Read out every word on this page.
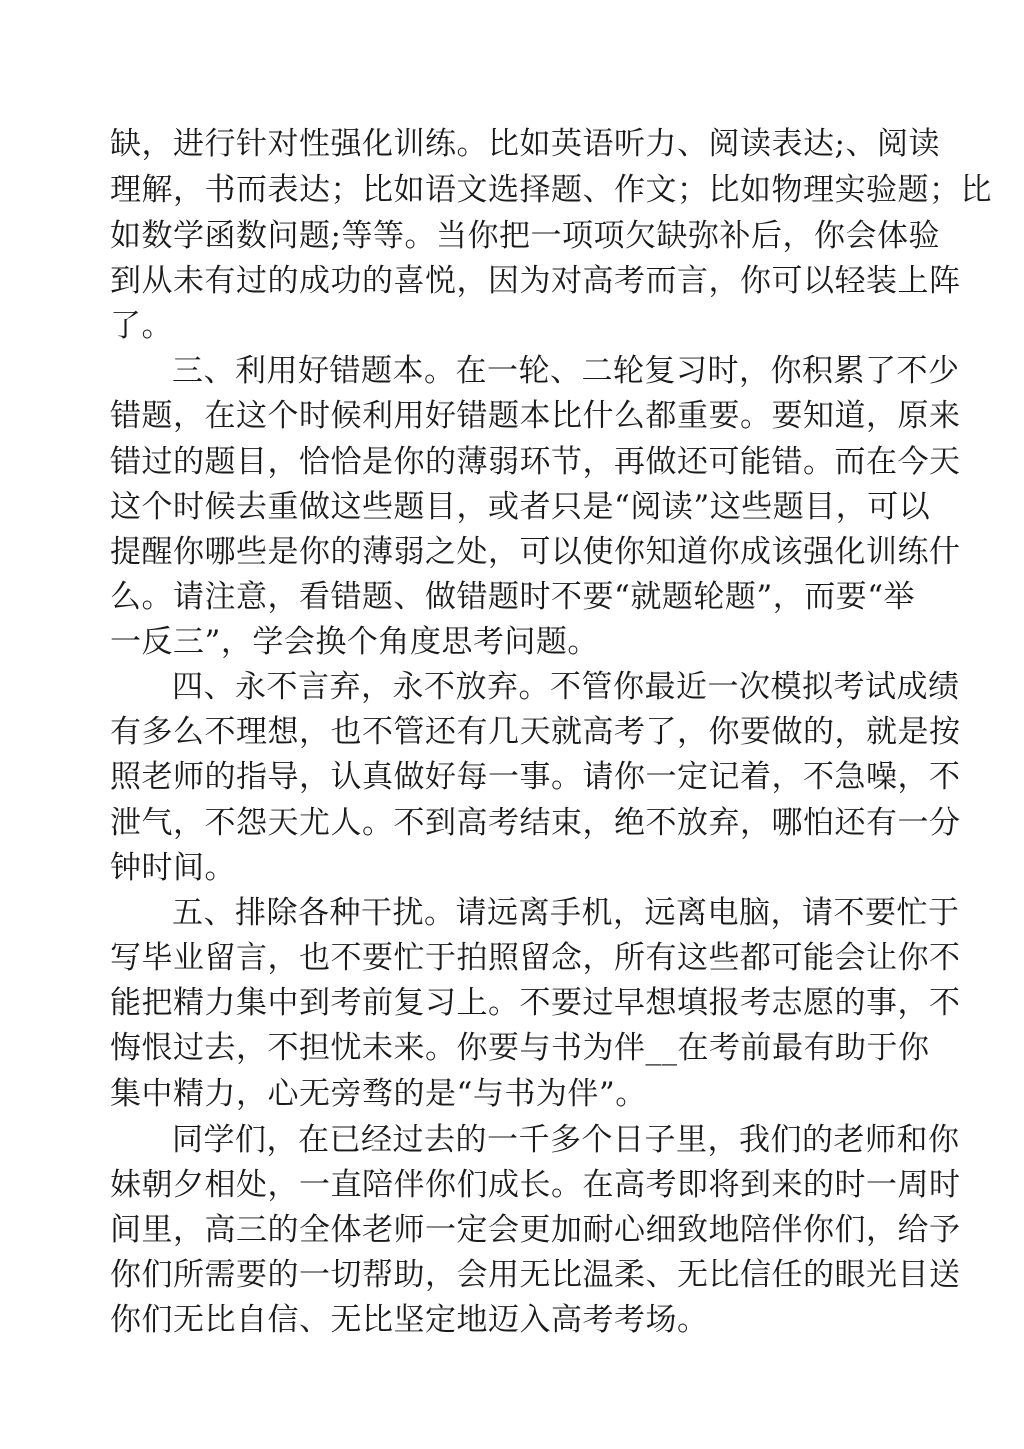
缺，进行针对性强化训练。比如英语听力、阅读表达;、阅读

理解，书而表达；比如语文选择题、作文；比如物理实验题；比

如数学函数问题;等等。当你把一项项欠缺弥补后，你会体验

到从未有过的成功的喜悦，因为对高考而言，你可以轻装上阵

了。

三、利用好错题本。在一轮、二轮复习时，你积累了不少

错题，在这个时候利用好错题本比什么都重要。要知道，原来

错过的题目，恰恰是你的薄弱环节，再做还可能错。而在今天

这个时候去重做这些题目，或者只是“阅读”这些题目，可以

提醒你哪些是你的薄弱之处，可以使你知道你成该强化训练什

么。请注意，看错题、做错题时不要“就题轮题”，而要“举

一反三”，学会换个角度思考问题。

四、永不言弃，永不放弃。不管你最近一次模拟考试成绩

有多么不理想，也不管还有几天就高考了，你要做的，就是按

照老师的指导，认真做好每一事。请你一定记着，不急噪，不

泄气，不怨天尤人。不到高考结束，绝不放弃，哪怕还有一分

钟时间。

五、排除各种干扰。请远离手机，远离电脑，请不要忙于

写毕业留言，也不要忙于拍照留念，所有这些都可能会让你不

能把精力集中到考前复习上。不要过早想填报考志愿的事，不

悔恨过去，不担忧未来。你要与书为伴__在考前最有助于你

集中精力，心无旁骛的是“与书为伴”。

同学们，在已经过去的一千多个日子里，我们的老师和你

妹朝夕相处，一直陪伴你们成长。在高考即将到来的时一周时

间里，高三的全体老师一定会更加耐心细致地陪伴你们，给予

你们所需要的一切帮助，会用无比温柔、无比信任的眼光目送

你们无比自信、无比坚定地迈入高考考场。
